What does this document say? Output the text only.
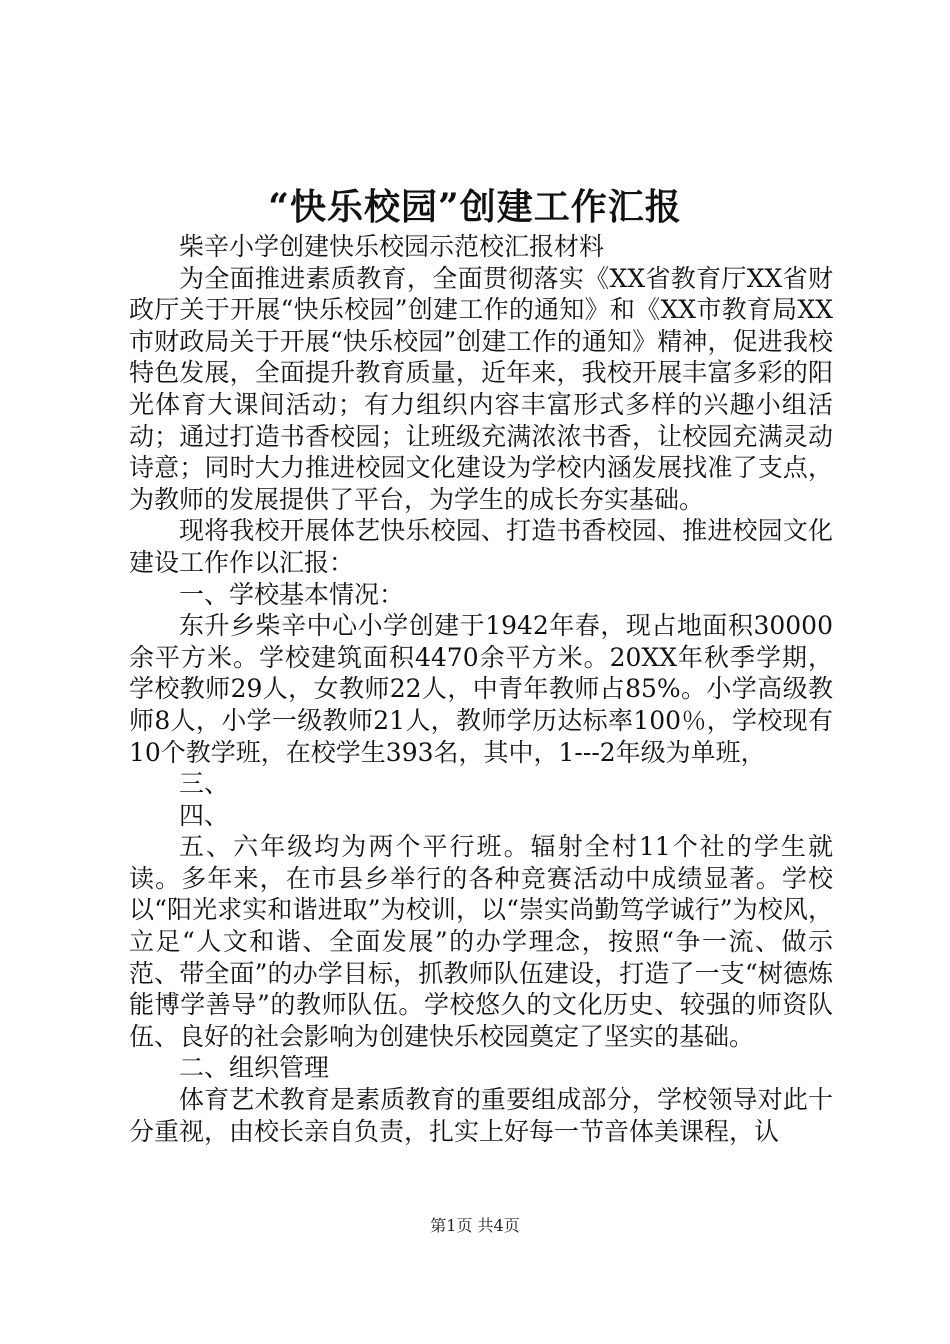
“快乐校园”创建工作汇报

柴辛小学创建快乐校园示范校汇报材料

为全面推进素质教育，全面贯彻落实《XX省教育厅XX省财政厅关于开展“快乐校园”创建工作的通知》和《XX市教育局XX市财政局关于开展“快乐校园”创建工作的通知》精神，促进我校特色发展，全面提升教育质量，近年来，我校开展丰富多彩的阳光体育大课间活动；有力组织内容丰富形式多样的兴趣小组活动；通过打造书香校园；让班级充满浓浓书香，让校园充满灵动诗意；同时大力推进校园文化建设为学校内涵发展找准了支点，为教师的发展提供了平台，为学生的成长夯实基础。

现将我校开展体艺快乐校园、打造书香校园、推进校园文化建设工作作以汇报：

一、学校基本情况：

东升乡柴辛中心小学创建于1942年春，现占地面积30000余平方米。学校建筑面积4470余平方米。20XX年秋季学期，学校教师29人，女教师22人，中青年教师占85%。小学高级教师8人，小学一级教师21人，教师学历达标率100％，学校现有10个教学班，在校学生393名，其中，1---2年级为单班，

三、

四、

五、六年级均为两个平行班。辐射全村11个社的学生就读。多年来，在市县乡举行的各种竞赛活动中成绩显著。学校以“阳光求实和谐进取”为校训，以“崇实尚勤笃学诚行”为校风，立足“人文和谐、全面发展”的办学理念，按照“争一流、做示范、带全面”的办学目标，抓教师队伍建设，打造了一支“树德炼能博学善导”的教师队伍。学校悠久的文化历史、较强的师资队伍、良好的社会影响为创建快乐校园奠定了坚实的基础。

二、组织管理

体育艺术教育是素质教育的重要组成部分，学校领导对此十分重视，由校长亲自负责，扎实上好每一节音体美课程，认

第1页 共4页
